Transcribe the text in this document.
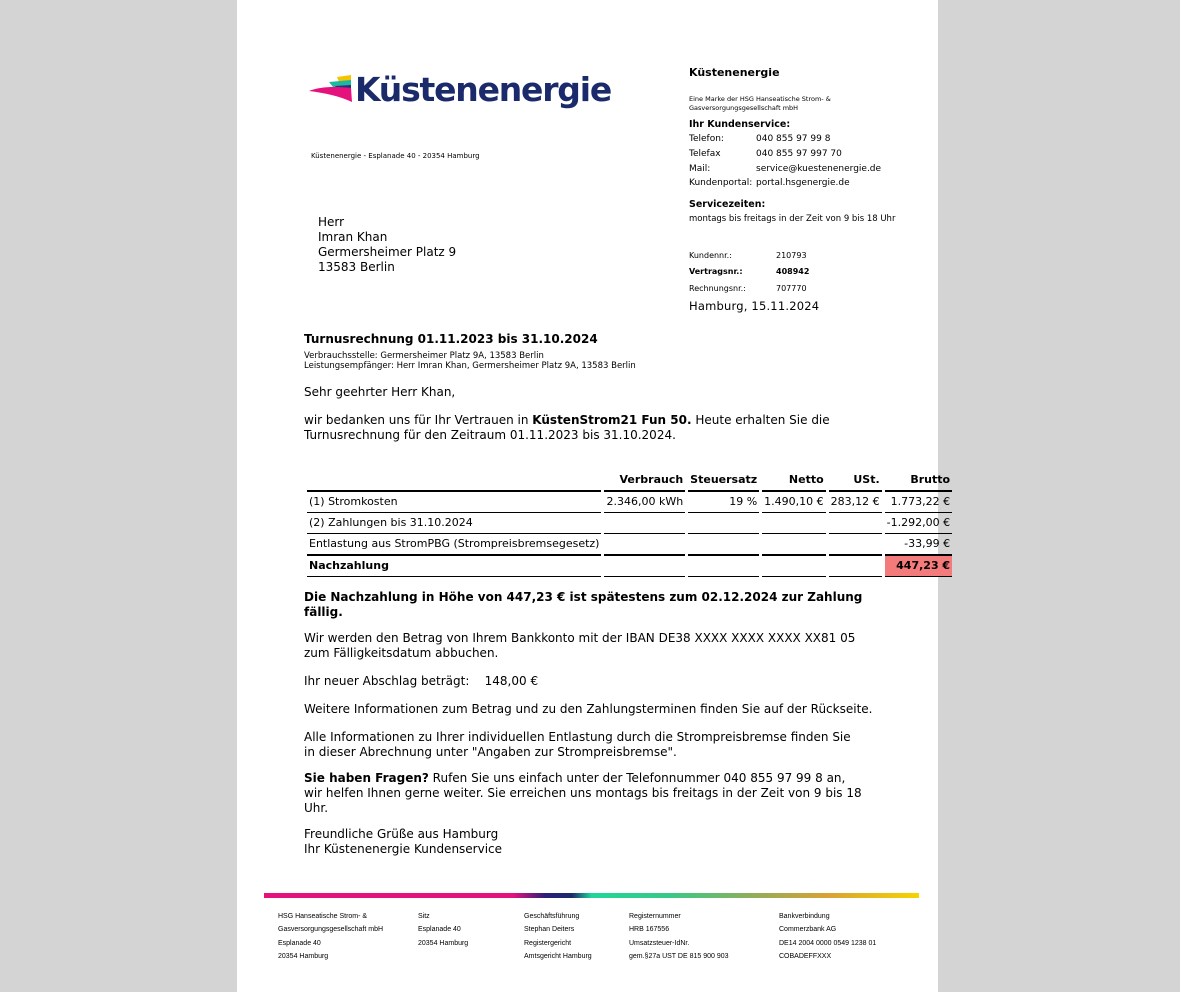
Küstenenergie
Küstenenergie - Esplanade 40 - 20354 Hamburg
Küstenenergie
Eine Marke der HSG Hanseatische Strom- &
Gasversorgungsgesellschaft mbH
Ihr Kundenservice:
Telefon:	040 855 97 99 8
Telefax	040 855 97 997 70
Mail:	service@kuestenenergie.de
Kundenportal: portal.hsgenergie.de
Servicezeiten:
montags bis freitags in der Zeit von 9 bis 18 Uhr
Kundennr.:	210793
Vertragsnr.:	408942
Rechnungsnr.:	707770
Hamburg, 15.11.2024
Herr
Imran Khan
Germersheimer Platz 9
13583 Berlin
Turnusrechnung 01.11.2023 bis 31.10.2024
Verbrauchsstelle: Germersheimer Platz 9A, 13583 Berlin
Leistungsempfänger: Herr Imran Khan, Germersheimer Platz 9A, 13583 Berlin
Sehr geehrter Herr Khan,
wir bedanken uns für Ihr Vertrauen in KüstenStrom21 Fun 50. Heute erhalten Sie die Turnusrechnung für den Zeitraum 01.11.2023 bis 31.10.2024.
	Verbrauch	Steuersatz	Netto	USt.	Brutto
(1) Stromkosten	2.346,00 kWh	19 %	1.490,10 €	283,12 €	1.773,22 €
(2) Zahlungen bis 31.10.2024					-1.292,00 €
Entlastung aus StromPBG (Strompreisbremsegesetz)					-33,99 €
Nachzahlung					447,23 €
Die Nachzahlung in Höhe von 447,23 € ist spätestens zum 02.12.2024 zur Zahlung fällig.
Wir werden den Betrag von Ihrem Bankkonto mit der IBAN DE38 XXXX XXXX XXXX XX81 05 zum Fälligkeitsdatum abbuchen.
Ihr neuer Abschlag beträgt: 148,00 €
Weitere Informationen zum Betrag und zu den Zahlungsterminen finden Sie auf der Rückseite.
Alle Informationen zu Ihrer individuellen Entlastung durch die Strompreisbremse finden Sie in dieser Abrechnung unter "Angaben zur Strompreisbremse".
Sie haben Fragen? Rufen Sie uns einfach unter der Telefonnummer 040 855 97 99 8 an, wir helfen Ihnen gerne weiter. Sie erreichen uns montags bis freitags in der Zeit von 9 bis 18 Uhr.
Freundliche Grüße aus Hamburg
Ihr Küstenenergie Kundenservice
HSG Hanseatische Strom- &
Gasversorgungsgesellschaft mbH
Esplanade 40
20354 Hamburg
Sitz
Esplanade 40
20354 Hamburg
Geschäftsführung
Stephan Deiters
Registergericht
Amtsgericht Hamburg
Registernummer
HRB 167556
Umsatzsteuer-IdNr.
gem.§27a UST DE 815 900 903
Bankverbindung
Commerzbank AG
DE14 2004 0000 0549 1238 01
COBADEFFXXX
